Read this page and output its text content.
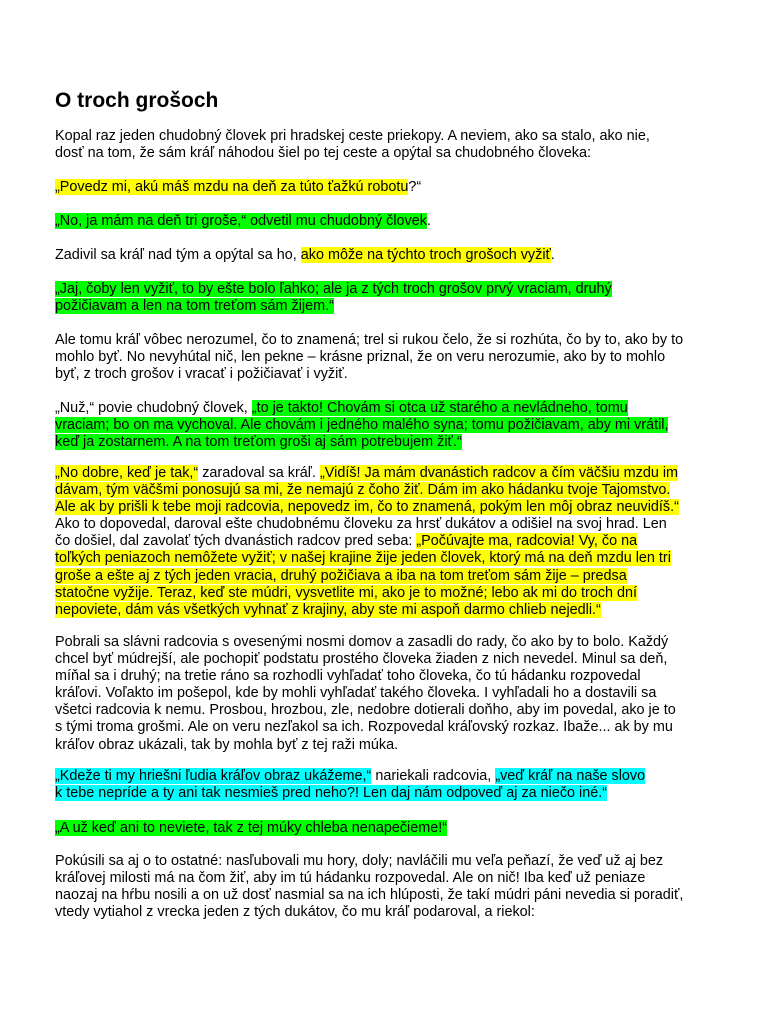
O troch grošoch

Kopal raz jeden chudobný človek pri hradskej ceste priekopy. A neviem, ako sa stalo, ako nie,
dosť na tom, že sám kráľ náhodou šiel po tej ceste a opýtal sa chudobného človeka:

„Povedz mi, akú máš mzdu na deň za túto ťažkú robotu?“

„No, ja mám na deň tri groše,“ odvetil mu chudobný človek.

Zadivil sa kráľ nad tým a opýtal sa ho, ako môže na týchto troch grošoch vyžiť.

„Jaj, čoby len vyžiť, to by ešte bolo ľahko; ale ja z tých troch grošov prvý vraciam, druhý
požičiavam a len na tom treťom sám žijem.“

Ale tomu kráľ vôbec nerozumel, čo to znamená; trel si rukou čelo, že si rozhúta, čo by to, ako by to
mohlo byť. No nevyhútal nič, len pekne – krásne priznal, že on veru nerozumie, ako by to mohlo
byť, z troch grošov i vracať i požičiavať i vyžiť.

„Nuž,“ povie chudobný človek, „to je takto! Chovám si otca už starého a nevládneho, tomu
vraciam; bo on ma vychoval. Ale chovám i jedného malého syna; tomu požičiavam, aby mi vrátil,
keď ja zostarnem. A na tom treťom groši aj sám potrebujem žiť.“

„No dobre, keď je tak,“ zaradoval sa kráľ. „Vidíš! Ja mám dvanástich radcov a čím väčšiu mzdu im
dávam, tým väčšmi ponosujú sa mi, že nemajú z čoho žiť. Dám im ako hádanku tvoje Tajomstvo.
Ale ak by prišli k tebe moji radcovia, nepovedz im, čo to znamená, pokým len môj obraz neuvidíš.“
Ako to dopovedal, daroval ešte chudobnému človeku za hrsť dukátov a odišiel na svoj hrad. Len
čo došiel, dal zavolať tých dvanástich radcov pred seba: „Počúvajte ma, radcovia! Vy, čo na
toľkých peniazoch nemôžete vyžiť; v našej krajine žije jeden človek, ktorý má na deň mzdu len tri
groše a ešte aj z tých jeden vracia, druhý požičiava a iba na tom treťom sám žije – predsa
statočne vyžije. Teraz, keď ste múdri, vysvetlite mi, ako je to možné; lebo ak mi do troch dní
nepoviete, dám vás všetkých vyhnať z krajiny, aby ste mi aspoň darmo chlieb nejedli.“

Pobrali sa slávni radcovia s ovesenými nosmi domov a zasadli do rady, čo ako by to bolo. Každý
chcel byť múdrejší, ale pochopiť podstatu prostého človeka žiaden z nich nevedel. Minul sa deň,
míňal sa i druhý; na tretie ráno sa rozhodli vyhľadať toho človeka, čo tú hádanku rozpovedal
kráľovi. Voľakto im pošepol, kde by mohli vyhľadať takého človeka. I vyhľadali ho a dostavili sa
všetci radcovia k nemu. Prosbou, hrozbou, zle, nedobre dotierali doňho, aby im povedal, ako je to
s tými troma grošmi. Ale on veru nezľakol sa ich. Rozpovedal kráľovský rozkaz. Ibaže... ak by mu
kráľov obraz ukázali, tak by mohla byť z tej raži múka.

„Kdeže ti my hriešni ľudia kráľov obraz ukážeme,“ nariekali radcovia, „veď kráľ na naše slovo
k tebe nepríde a ty ani tak nesmieš pred neho?! Len daj nám odpoveď aj za niečo iné.“

„A už keď ani to neviete, tak z tej múky chleba nenapečieme!“

Pokúsili sa aj o to ostatné: nasľubovali mu hory, doly; navláčili mu veľa peňazí, že veď už aj bez
kráľovej milosti má na čom žiť, aby im tú hádanku rozpovedal. Ale on nič! Iba keď už peniaze
naozaj na hŕbu nosili a on už dosť nasmial sa na ich hlúposti, že takí múdri páni nevedia si poradiť,
vtedy vytiahol z vrecka jeden z tých dukátov, čo mu kráľ podaroval, a riekol:
